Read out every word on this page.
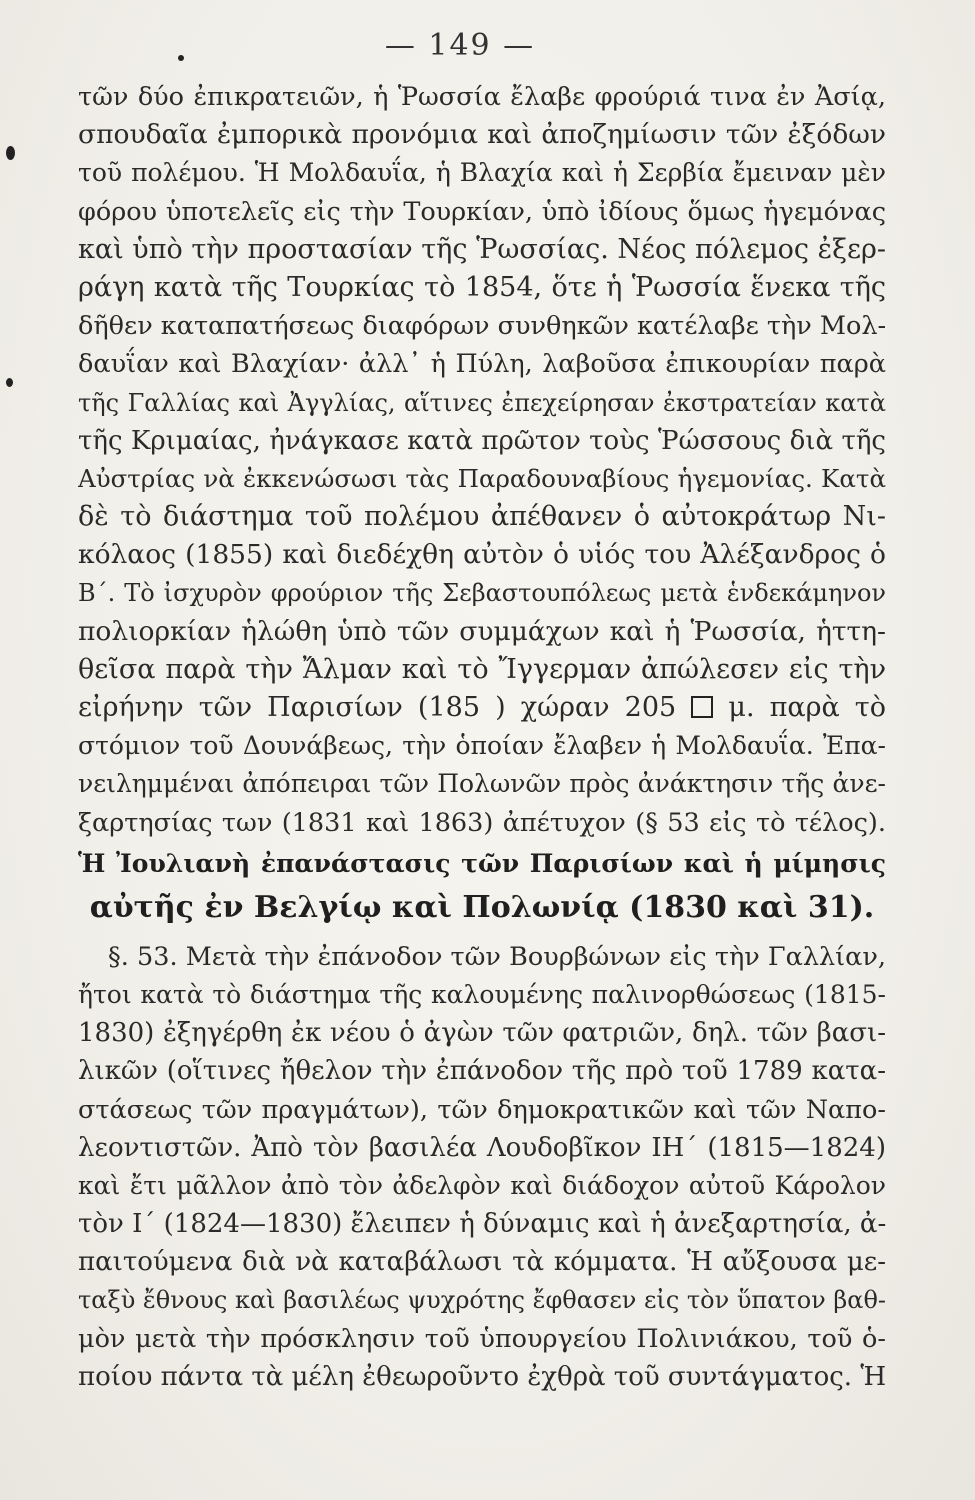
— 149 —
τῶν δύο ἐπικρατειῶν, ἡ Ῥωσσία ἔλαβε φρούριά τινα ἐν Ἀσίᾳ,
σπουδαῖα ἐμπορικὰ προνόμια καὶ ἀποζημίωσιν τῶν ἐξόδων
τοῦ πολέμου. Ἡ Μολδαυΐα, ἡ Βλαχία καὶ ἡ Σερβία ἔμειναν μὲν
φόρου ὑποτελεῖς εἰς τὴν Τουρκίαν, ὑπὸ ἰδίους ὅμως ἡγεμόνας
καὶ ὑπὸ τὴν προστασίαν τῆς Ῥωσσίας. Νέος πόλεμος ἐξερ-
ράγη κατὰ τῆς Τουρκίας τὸ 1854, ὅτε ἡ Ῥωσσία ἕνεκα τῆς
δῆθεν καταπατήσεως διαφόρων συνθηκῶν κατέλαβε τὴν Μολ-
δαυΐαν καὶ Βλαχίαν· ἀλλ᾽ ἡ Πύλη, λαβοῦσα ἐπικουρίαν παρὰ
τῆς Γαλλίας καὶ Ἀγγλίας, αἵτινες ἐπεχείρησαν ἐκστρατείαν κατὰ
τῆς Κριμαίας, ἠνάγκασε κατὰ πρῶτον τοὺς Ῥώσσους διὰ τῆς
Αὐστρίας νὰ ἐκκενώσωσι τὰς Παραδουναβίους ἡγεμονίας. Κατὰ
δὲ τὸ διάστημα τοῦ πολέμου ἀπέθανεν ὁ αὐτοκράτωρ Νι-
κόλαος (1855) καὶ διεδέχθη αὐτὸν ὁ υἱός του Ἀλέξανδρος ὁ
Β΄. Τὸ ἰσχυρὸν φρούριον τῆς Σεβαστουπόλεως μετὰ ἑνδεκάμηνον
πολιορκίαν ἡλώθη ὑπὸ τῶν συμμάχων καὶ ἡ Ῥωσσία, ἡττη-
θεῖσα παρὰ τὴν Ἄλμαν καὶ τὸ Ἴγγερμαν ἀπώλεσεν εἰς τὴν
εἰρήνην τῶν Παρισίων (185 ) χώραν 205 μ. παρὰ τὸ
στόμιον τοῦ Δουνάβεως, τὴν ὁποίαν ἔλαβεν ἡ Μολδαυΐα. Ἐπα-
νειλημμέναι ἀπόπειραι τῶν Πολωνῶν πρὸς ἀνάκτησιν τῆς ἀνε-
ξαρτησίας των (1831 καὶ 1863) ἀπέτυχον (§ 53 εἰς τὸ τέλος).
Ἡ Ἰουλιανὴ ἐπανάστασις τῶν Παρισίων καὶ ἡ μίμησις
αὐτῆς ἐν Βελγίῳ καὶ Πολωνίᾳ (1830 καὶ 31).
§. 53. Μετὰ τὴν ἐπάνοδον τῶν Βουρβώνων εἰς τὴν Γαλλίαν,
ἤτοι κατὰ τὸ διάστημα τῆς καλουμένης παλινορθώσεως (1815-
1830) ἐξηγέρθη ἐκ νέου ὁ ἀγὼν τῶν φατριῶν, δηλ. τῶν βασι-
λικῶν (οἵτινες ἤθελον τὴν ἐπάνοδον τῆς πρὸ τοῦ 1789 κατα-
στάσεως τῶν πραγμάτων), τῶν δημοκρατικῶν καὶ τῶν Ναπο-
λεοντιστῶν. Ἀπὸ τὸν βασιλέα Λουδοβῖκον ΙΗ΄ (1815—1824)
καὶ ἔτι μᾶλλον ἀπὸ τὸν ἀδελφὸν καὶ διάδοχον αὐτοῦ Κάρολον
τὸν Ι΄ (1824—1830) ἔλειπεν ἡ δύναμις καὶ ἡ ἀνεξαρτησία, ἀ-
παιτούμενα διὰ νὰ καταβάλωσι τὰ κόμματα. Ἡ αὔξουσα με-
ταξὺ ἔθνους καὶ βασιλέως ψυχρότης ἔφθασεν εἰς τὸν ὕπατον βαθ-
μὸν μετὰ τὴν πρόσκλησιν τοῦ ὑπουργείου Πολινιάκου, τοῦ ὁ-
ποίου πάντα τὰ μέλη ἐθεωροῦντο ἐχθρὰ τοῦ συντάγματος. Ἡ
